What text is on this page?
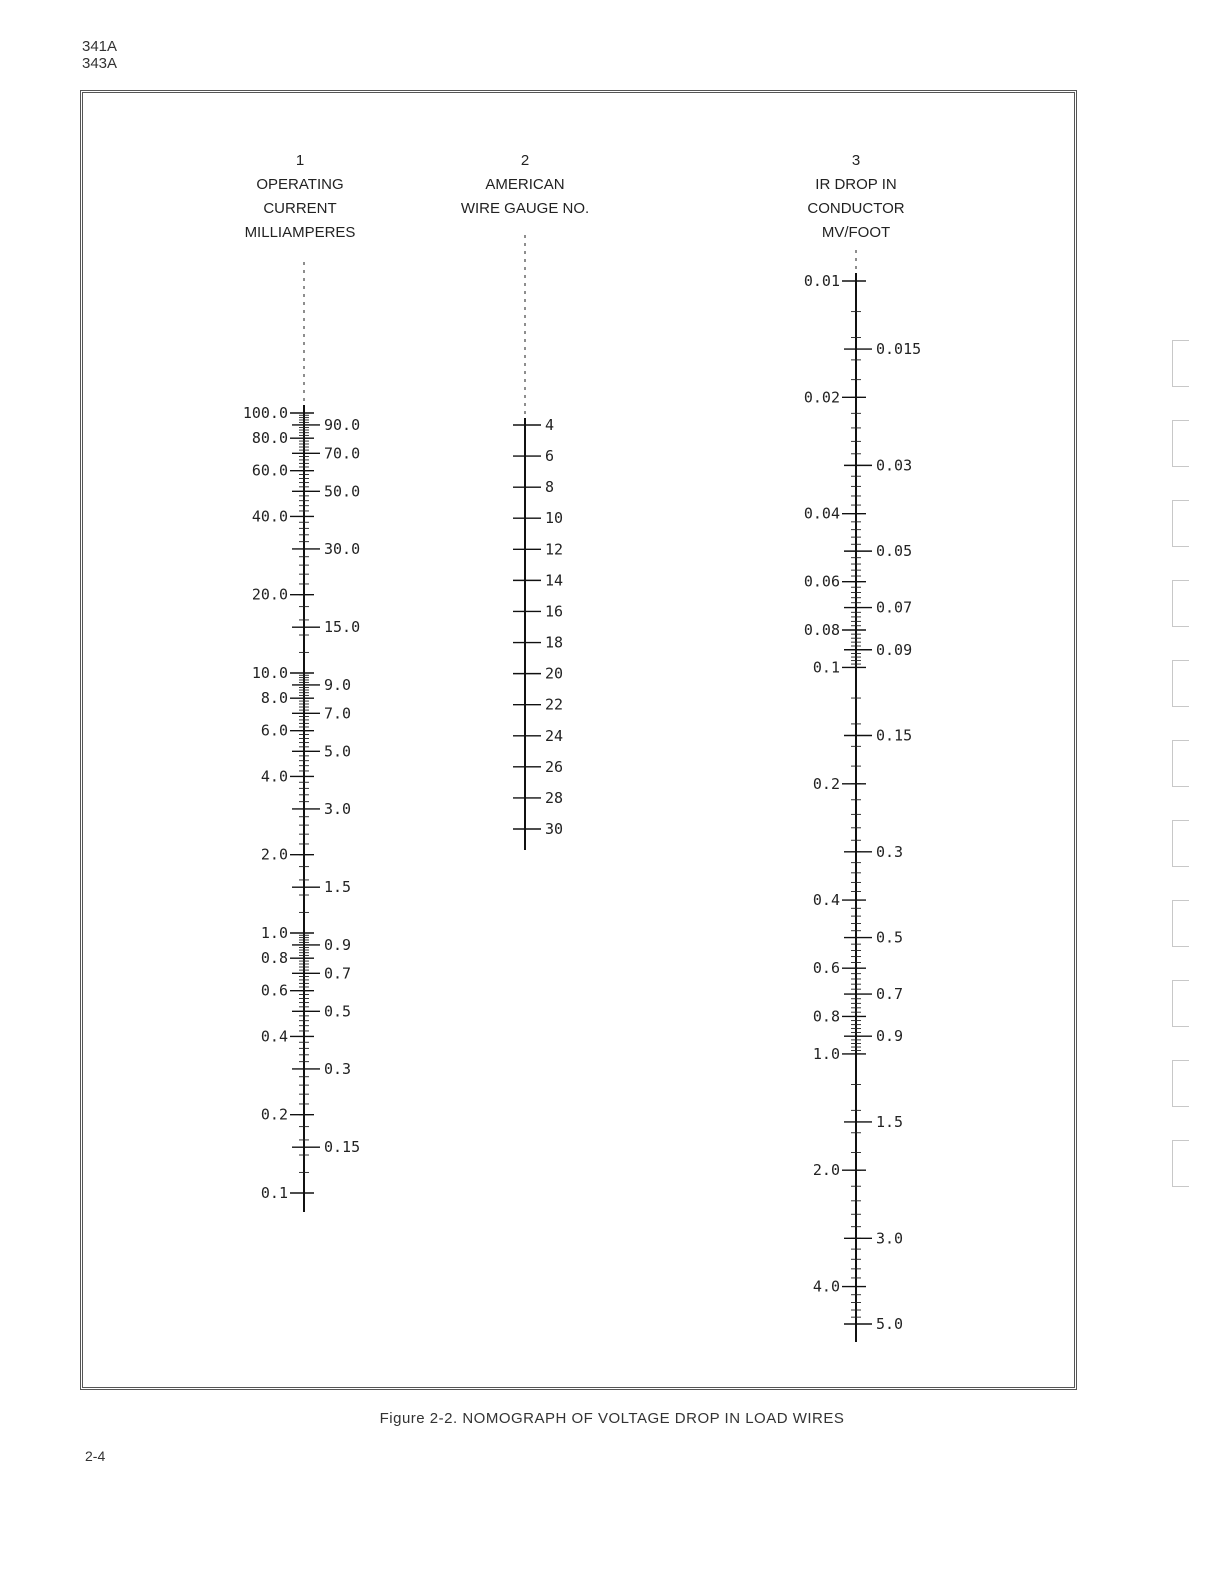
341A
343A
1
OPERATING
CURRENT
MILLIAMPERES
100.0
80.0
60.0
40.0
20.0
10.0
8.0
6.0
4.0
2.0
1.0
0.8
0.6
0.4
0.2
0.1
90.0
70.0
50.0
30.0
15.0
9.0
7.0
5.0
3.0
1.5
0.9
0.7
0.5
0.3
0.15
2
AMERICAN
WIRE GAUGE NO.
4
6
8
10
12
14
16
18
20
22
24
26
28
30
3
IR DROP IN
CONDUCTOR
MV/FOOT
0.01
0.02
0.04
0.06
0.08
0.1
0.2
0.4
0.6
0.8
1.0
2.0
4.0
0.015
0.03
0.05
0.07
0.09
0.15
0.3
0.5
0.7
0.9
1.5
3.0
5.0
Figure 2-2. NOMOGRAPH OF VOLTAGE DROP IN LOAD WIRES
2-4
